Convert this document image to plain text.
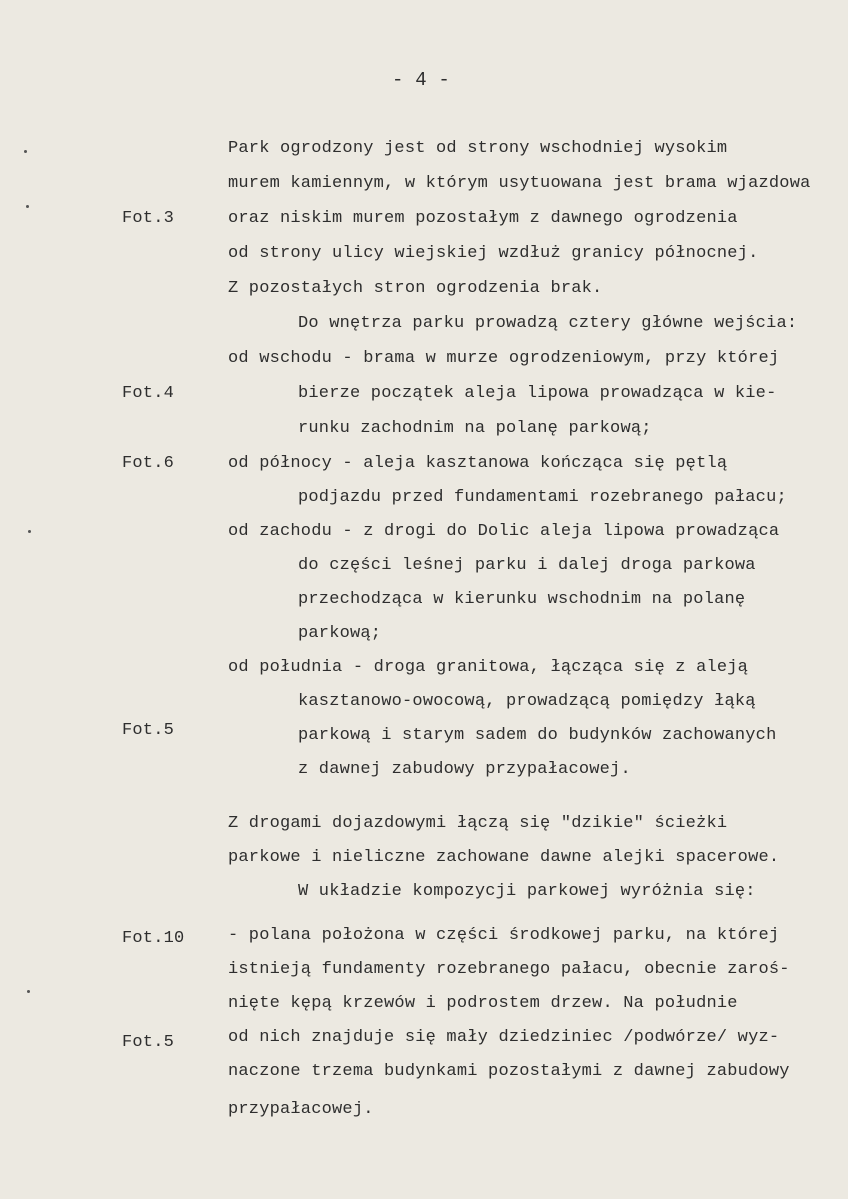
- 4 -
Fot.3
Fot.4
Fot.6
Fot.5
Fot.10
Fot.5
Park ogrodzony jest od strony wschodniej wysokim
murem kamiennym, w którym usytuowana jest brama wjazdowa
oraz niskim murem pozostałym z dawnego ogrodzenia
od strony ulicy wiejskiej wzdłuż granicy północnej.
Z pozostałych stron ogrodzenia brak.
Do wnętrza parku prowadzą cztery główne wejścia:
od wschodu - brama w murze ogrodzeniowym, przy której
bierze początek aleja lipowa prowadząca w kie-
runku zachodnim na polanę parkową;
od północy - aleja kasztanowa kończąca się pętlą
podjazdu przed fundamentami rozebranego pałacu;
od zachodu - z drogi do Dolic aleja lipowa prowadząca
do części leśnej parku i dalej droga parkowa
przechodząca w kierunku wschodnim na polanę
parkową;
od południa - droga granitowa, łącząca się z aleją
kasztanowo-owocową, prowadzącą pomiędzy łąką
parkową i starym sadem do budynków zachowanych
z dawnej zabudowy przypałacowej.
Z drogami dojazdowymi łączą się "dzikie" ścieżki
parkowe i nieliczne zachowane dawne alejki spacerowe.
W układzie kompozycji parkowej wyróżnia się:
- polana położona w części środkowej parku, na której
istnieją fundamenty rozebranego pałacu, obecnie zaroś-
nięte kępą krzewów i podrostem drzew. Na południe
od nich znajduje się mały dziedziniec /podwórze/ wyz-
naczone trzema budynkami pozostałymi z dawnej zabudowy
przypałacowej.
